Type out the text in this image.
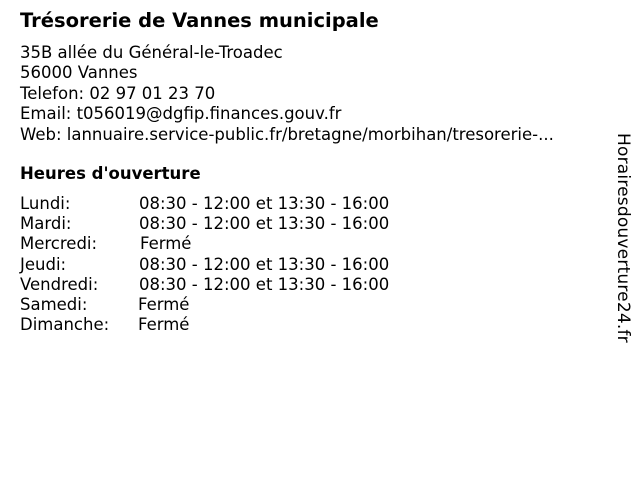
Trésorerie de Vannes municipale
35B allée du Général-le-Troadec
56000 Vannes
Telefon: 02 97 01 23 70
Email: t056019@dgfip.finances.gouv.fr
Web: lannuaire.service-public.fr/bretagne/morbihan/tresorerie-...
Heures d'ouverture
Lundi:	08:30 - 12:00 et 13:30 - 16:00
Mardi:	08:30 - 12:00 et 13:30 - 16:00
Mercredi:	Fermé
Jeudi:	08:30 - 12:00 et 13:30 - 16:00
Vendredi: 08:30 - 12:00 et 13:30 - 16:00
Samedi:	Fermé
Dimanche: Fermé	Horairesdouverture24.fr
